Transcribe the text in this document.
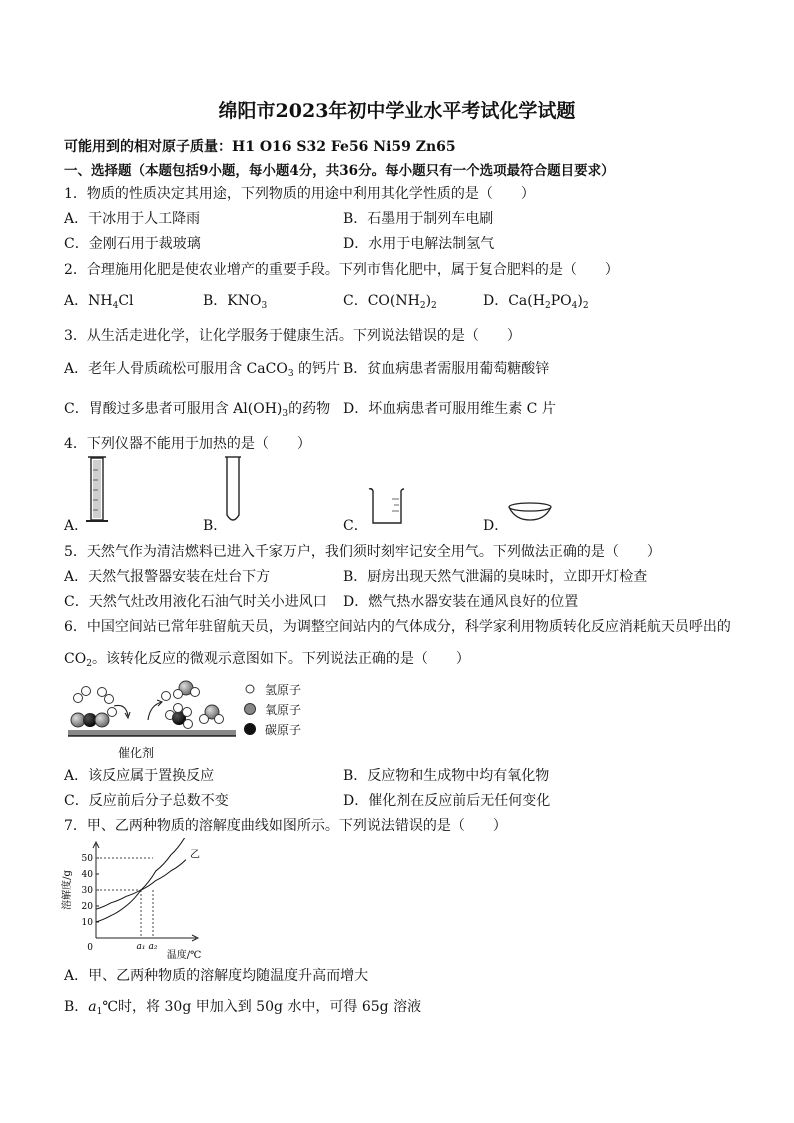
绵阳市2023年初中学业水平考试化学试题
可能用到的相对原子质量：H1 O16 S32 Fe56 Ni59 Zn65
一、选择题（本题包括9小题，每小题4分，共36分。每小题只有一个选项最符合题目要求）
1．物质的性质决定其用途，下列物质的用途中利用其化学性质的是（　　）
A．干冰用于人工降雨	B．石墨用于制列车电刷
C．金刚石用于裁玻璃	D．水用于电解法制氢气
2．合理施用化肥是使农业增产的重要手段。下列市售化肥中，属于复合肥料的是（　　）
A．$NH_4Cl$	B．$KNO_3$	C．$CO(NH_2)_2$	D．$Ca(H_2PO_4)_2$
3．从生活走进化学，让化学服务于健康生活。下列说法错误的是（　　）
A．老年人骨质疏松可服用含 CaCO$_3$ 的钙片 B．贫血病患者需服用葡萄糖酸锌
C．胃酸过多患者可服用含 $Al(OH)_3$的药物 D．坏血病患者可服用维生素 C 片
4．下列仪器不能用于加热的是（　　）
A．	B．	C．	D．
5．天然气作为清洁燃料已进入千家万户，我们须时刻牢记安全用气。下列做法正确的是（　　）
A．天然气报警器安装在灶台下方	B．厨房出现天然气泄漏的臭味时，立即开灯检查
C．天然气灶改用液化石油气时关小进风口 D．燃气热水器安装在通风良好的位置
6．中国空间站已常年驻留航天员，为调整空间站内的气体成分，科学家利用物质转化反应消耗航天员呼出的
$CO_2$。该转化反应的微观示意图如下。下列说法正确的是（　　）
催化剂
氢原子
氧原子
碳原子
A．该反应属于置换反应	B．反应物和生成物中均有氧化物
C．反应前后分子总数不变	D．催化剂在反应前后无任何变化
7．甲、乙两种物质的溶解度曲线如图所示。下列说法错误的是（　　）
10
20
30
40
50
0	a₁ a₂
乙
溶解度/g
温度/℃
A．甲、乙两种物质的溶解度均随温度升高而增大
B．$a_1℃$时，将 30g 甲加入到 50g 水中，可得 65g 溶液
